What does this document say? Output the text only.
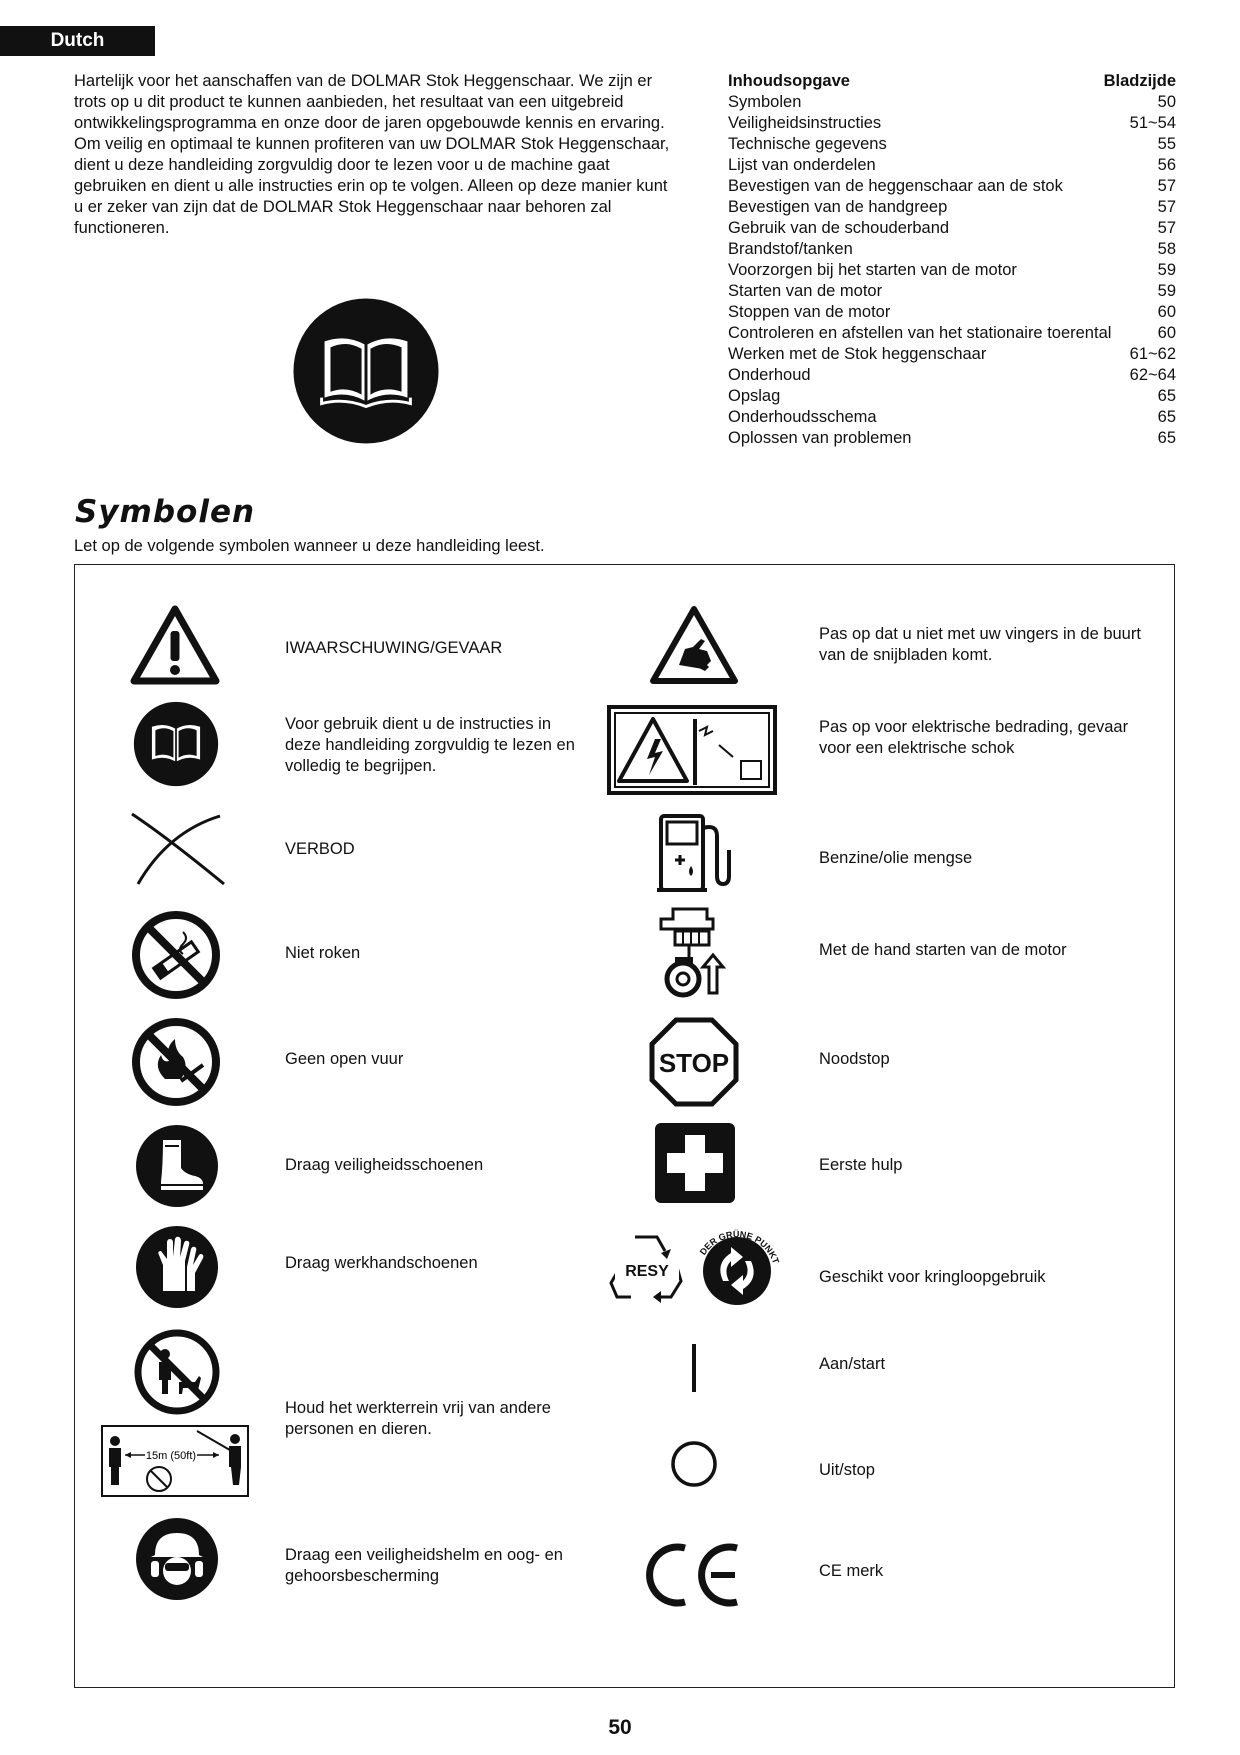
Dutch

Hartelijk voor het aanschaffen van de DOLMAR Stok Heggenschaar. We zijn er

trots op u dit product te kunnen aanbieden, het resultaat van een uitgebreid

ontwikkelingsprogramma en onze door de jaren opgebouwde kennis en ervaring.

Om veilig en optimaal te kunnen profiteren van uw DOLMAR Stok Heggenschaar,

dient u deze handleiding zorgvuldig door te lezen voor u de machine gaat

gebruiken en dient u alle instructies erin op te volgen. Alleen op deze manier kunt

u er zeker van zijn dat de DOLMAR Stok Heggenschaar naar behoren zal

functioneren.

Inhoudsopgave	Bladzijde
Symbolen	50
Veiligheidsinstructies	51~54
Technische gegevens	55
Lijst van onderdelen	56
Bevestigen van de heggenschaar aan de stok	57
Bevestigen van de handgreep	57
Gebruik van de schouderband	57
Brandstof/tanken	58
Voorzorgen bij het starten van de motor	59
Starten van de motor	59
Stoppen van de motor	60
Controleren en afstellen van het stationaire toerental	60
Werken met de Stok heggenschaar	61~62
Onderhoud	62~64
Opslag	65
Onderhoudsschema	65
Oplossen van problemen	65
Symbolen
Let op de volgende symbolen wanneer u deze handleiding leest.
IWAARSCHUWING/GEVAAR
Voor gebruik dient u de instructies in deze handleiding zorgvuldig te lezen en volledig te begrijpen.
VERBOD
Niet roken
Geen open vuur
Draag veiligheidsschoenen
Draag werkhandschoenen
15m (50ft)
Houd het werkterrein vrij van andere personen en dieren.
Draag een veiligheidshelm en oog- en gehoorsbescherming
Pas op dat u niet met uw vingers in de buurt van de snijbladen komt.
Pas op voor elektrische bedrading, gevaar voor een elektrische schok
Benzine/olie mengse
Met de hand starten van de motor
STOP	Noodstop
Eerste hulp
RESY
DER GRÜNE PUNKT
Geschikt voor kringloopgebruik
Aan/start
Uit/stop
CE merk
50
